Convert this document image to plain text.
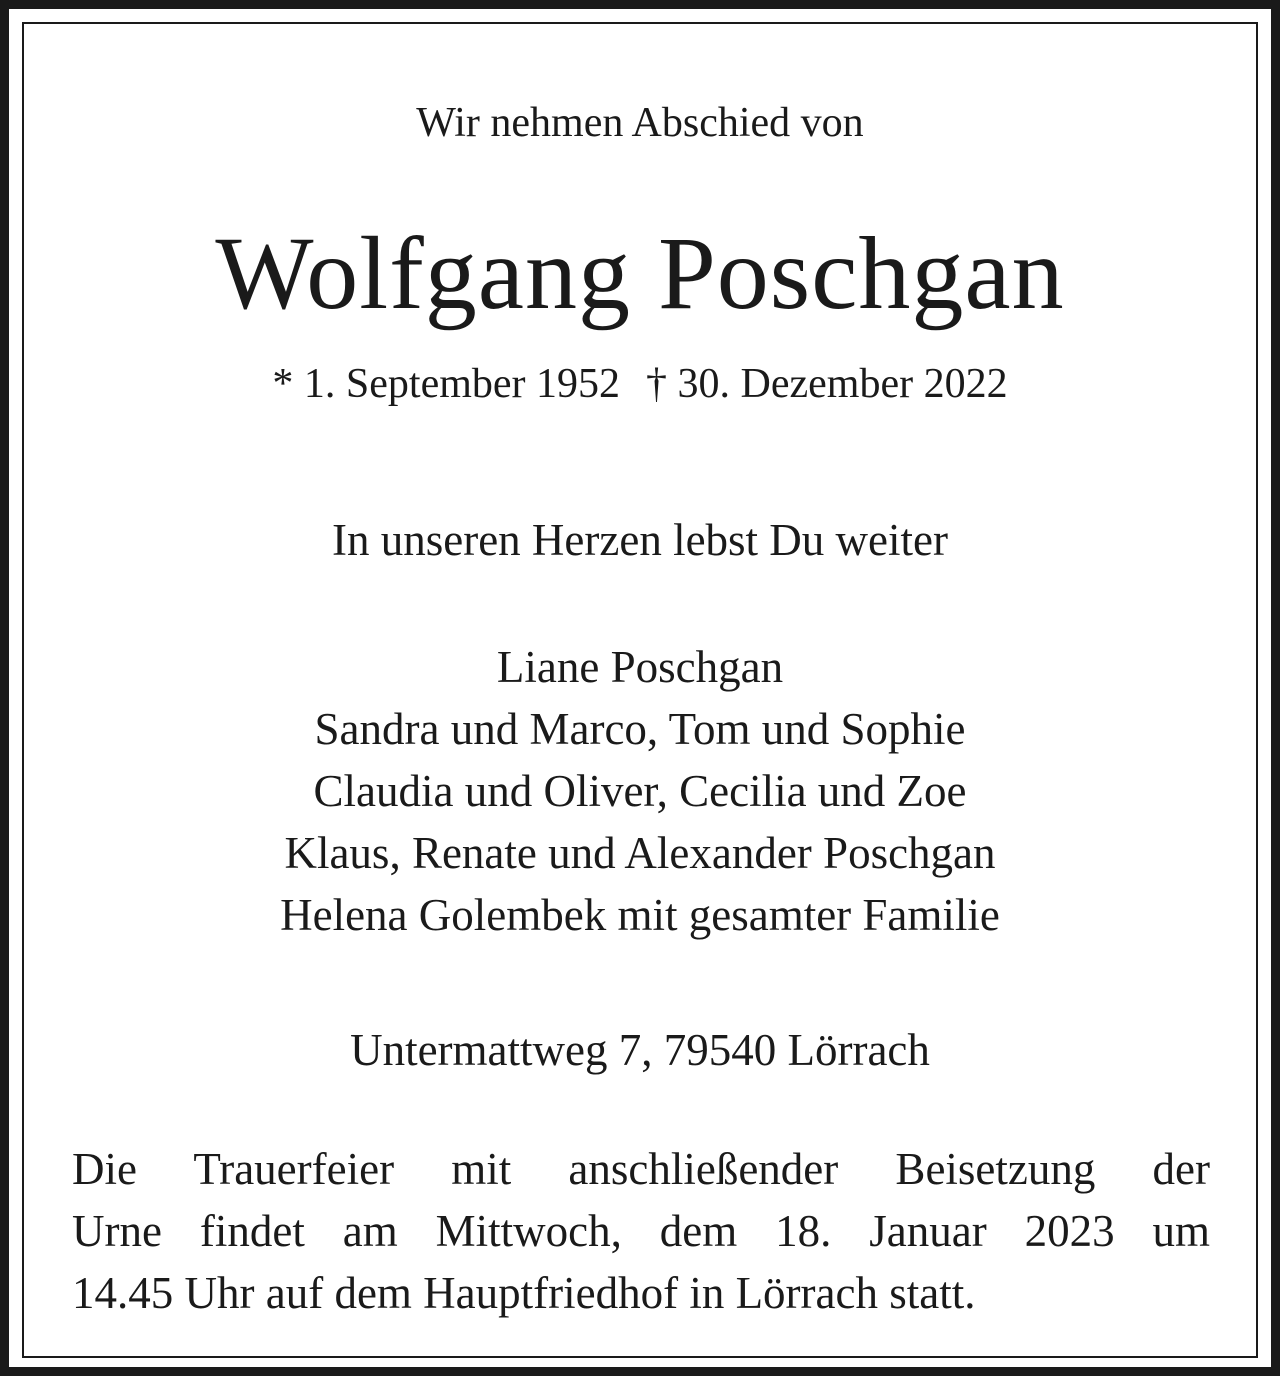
Wir nehmen Abschied von
Wolfgang Poschgan
* 1. September 1952 † 30. Dezember 2022
In unseren Herzen lebst Du weiter
Liane Poschgan
Sandra und Marco, Tom und Sophie
Claudia und Oliver, Cecilia und Zoe
Klaus, Renate und Alexander Poschgan
Helena Golembek mit gesamter Familie
Untermattweg 7, 79540 Lörrach
Die Trauerfeier mit anschließender Beisetzung der
Urne findet am Mittwoch, dem 18. Januar 2023 um
14.45 Uhr auf dem Hauptfriedhof in Lörrach statt.
